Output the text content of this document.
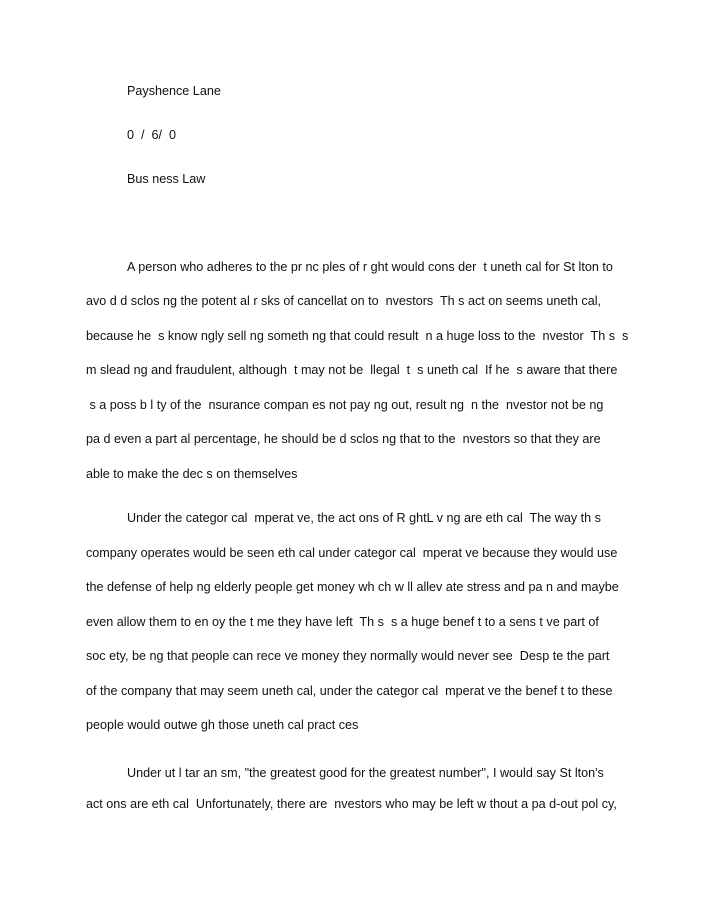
Payshence Lane
0  /  6/  0
Bus ness Law
A person who adheres to the pr nc ples of r ght would cons der  t uneth cal for St lton to
avo d d sclos ng the potent al r sks of cancellat on to  nvestors  Th s act on seems uneth cal,
because he  s know ngly sell ng someth ng that could result  n a huge loss to the  nvestor  Th s  s
m slead ng and fraudulent, although  t may not be  llegal  t  s uneth cal  If he  s aware that there
s a poss b l ty of the  nsurance compan es not pay ng out, result ng  n the  nvestor not be ng
pa d even a part al percentage, he should be d sclos ng that to the  nvestors so that they are
able to make the dec s on themselves
Under the categor cal  mperat ve, the act ons of R ghtL v ng are eth cal  The way th s
company operates would be seen eth cal under categor cal  mperat ve because they would use
the defense of help ng elderly people get money wh ch w ll allev ate stress and pa n and maybe
even allow them to en oy the t me they have left  Th s  s a huge benef t to a sens t ve part of
soc ety, be ng that people can rece ve money they normally would never see  Desp te the part
of the company that may seem uneth cal, under the categor cal  mperat ve the benef t to these
people would outwe gh those uneth cal pract ces
Under ut l tar an sm, "the greatest good for the greatest number", I would say St lton's
act ons are eth cal  Unfortunately, there are  nvestors who may be left w thout a pa d-out pol cy,
